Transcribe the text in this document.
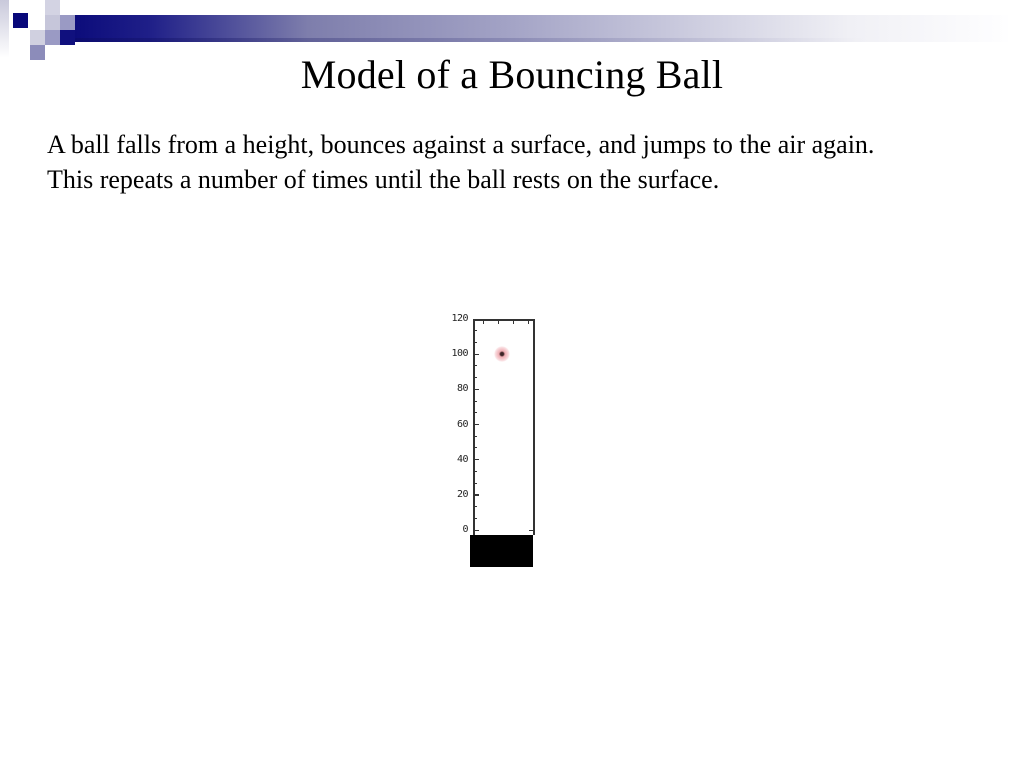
Model of a Bouncing Ball
A ball falls from a height, bounces against a surface, and jumps to the air again.
This repeats a number of times until the ball rests on the surface.
0
20
40
60
80
100
120
